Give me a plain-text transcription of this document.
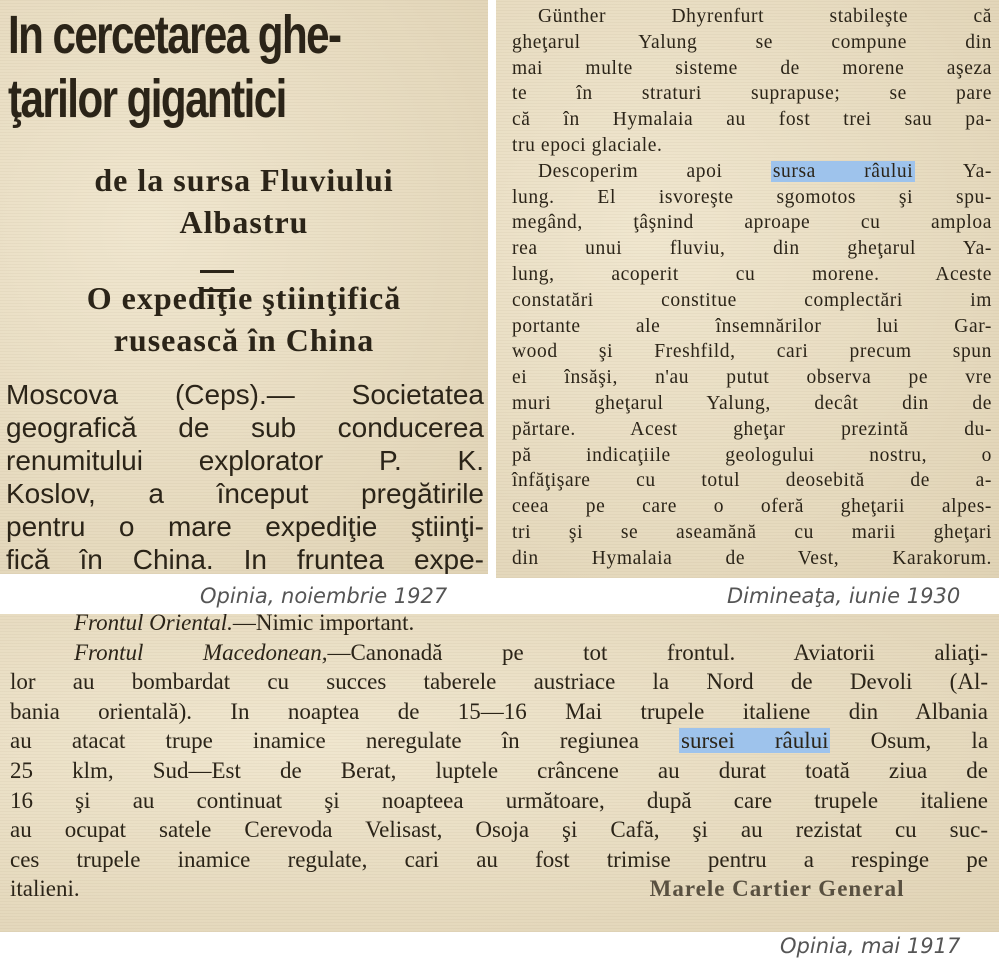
In cercetarea ghe-
ţarilor gigantici
de la sursa Fluviului
Albastru
O expediţie ştiinţifică
rusească în China
Moscova (Ceps).— Societatea
geografică de sub conducerea
renumitului explorator P. K.
Koslov, a început pregătirile
pentru o mare expediţie ştiinţi-
fică în China. In fruntea expe-
Opinia, noiembrie 1927
Günther Dhyrenfurt stabileşte că
gheţarul Yalung se compune din
mai multe sisteme de morene aşeza
te în straturi suprapuse; se pare
că în Hymalaia au fost trei sau pa-
tru epoci glaciale.
Descoperim apoi	sursa râului	Ya-
lung. El isvoreşte sgomotos şi spu-
megând, ţâşnind aproape cu amploa
rea unui fluviu, din gheţarul Ya-
lung, acoperit cu morene. Aceste
constatări constitue complectări im
portante ale însemnărilor lui Gar-
wood şi Freshfild, cari precum spun
ei însăşi, n'au putut observa pe vre
muri gheţarul Yalung, decât din de
părtare. Acest gheţar prezintă du-
pă indicaţiile geologului nostru, o
înfăţişare cu totul deosebită de a-
ceea pe care o oferă gheţarii alpes-
tri şi se aseamănă cu marii gheţari
din Hymalaia de Vest, Karakorum.
Dimineaţa, iunie 1930
Frontul Oriental.—Nimic important.
Frontul Macedonean,—Canonadă pe tot frontul. Aviatorii aliaţi-
lor au bombardat cu succes taberele austriace la Nord de Devoli (Al-
bania orientală). In noaptea de 15—16 Mai trupele italiene din Albania
au atacat trupe inamice neregulate în regiunea sursei râului Osum, la
25 klm, Sud—Est de Berat, luptele crâncene au durat toată ziua de
16 şi au continuat şi noapteea următoare, după care trupele italiene
au ocupat satele Cerevoda Velisast, Osoja şi Cafă, şi au rezistat cu suc-
ces trupele inamice regulate, cari au fost trimise pentru a respinge pe
italieni.	Marele Cartier General
Opinia, mai 1917
